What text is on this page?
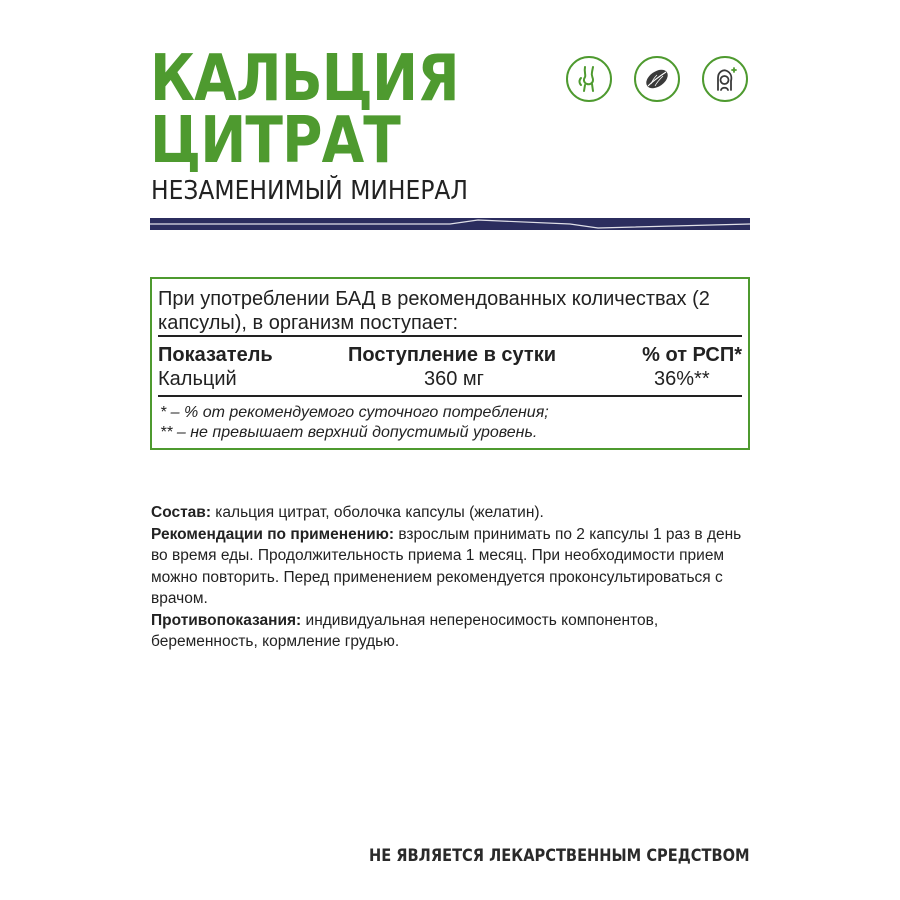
КАЛЬЦИЯ
ЦИТРАТ
НЕЗАМЕНИМЫЙ МИНЕРАЛ

При употреблении БАД в рекомендованных количествах (2 капсулы), в организм поступает:

Показатель	Поступление в сутки	% от РСП*

Кальций	360 мг	36%**

* – % от рекомендуемого суточного потребления;

** – не превышает верхний допустимый уровень.

Состав: кальция цитрат, оболочка капсулы (желатин).
Рекомендации по применению: взрослым принимать по 2 капсулы 1 раз в день во время еды. Продолжительность приема 1 месяц. При необходимости прием можно повторить. Перед применением рекомендуется проконсультироваться с врачом.
Противопоказания: индивидуальная непереносимость компонентов, беременность, кормление грудью.

НЕ ЯВЛЯЕТСЯ ЛЕКАРСТВЕННЫМ СРЕДСТВОМ
